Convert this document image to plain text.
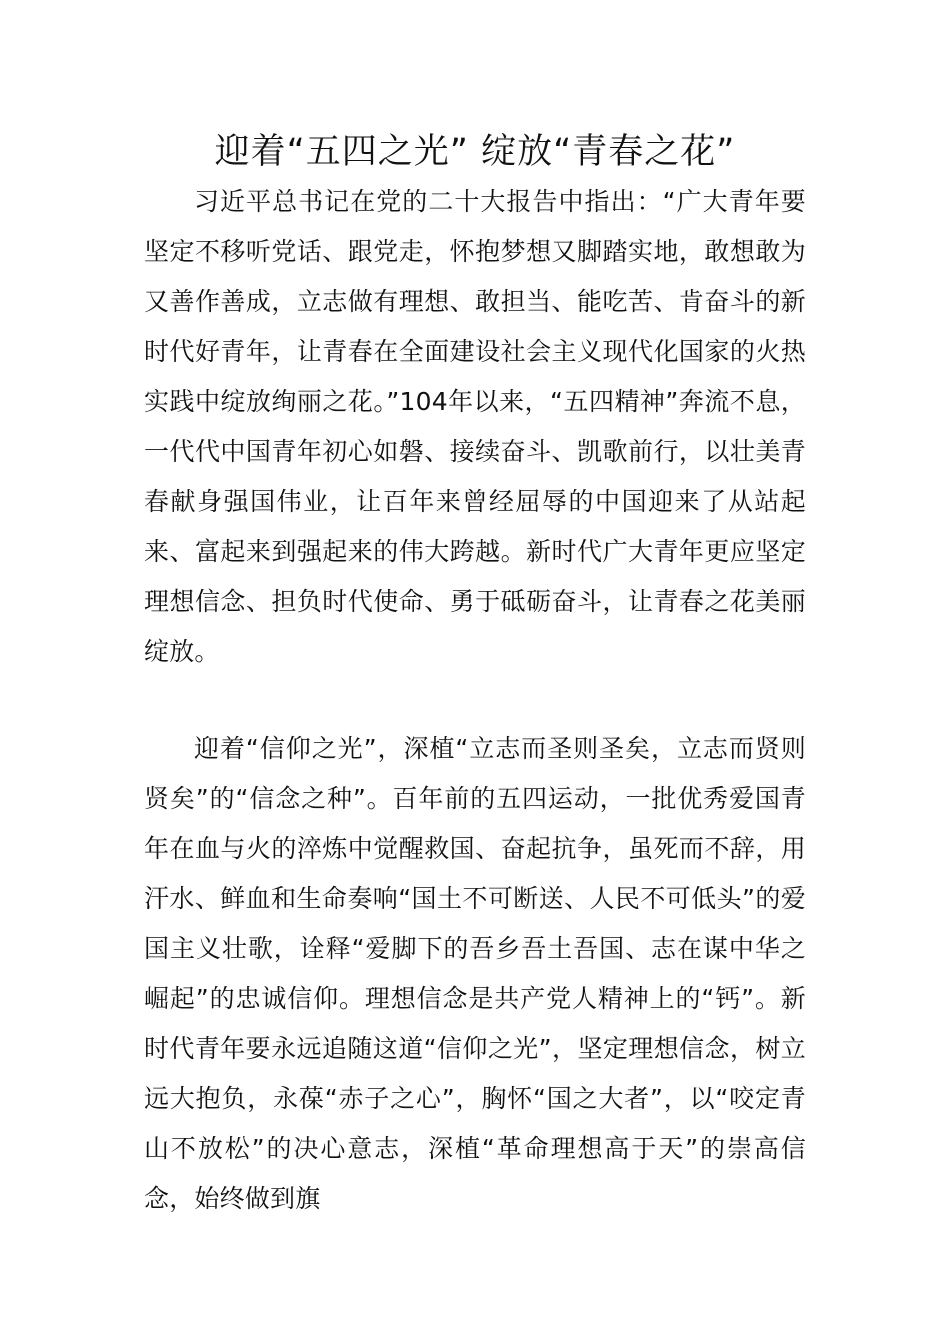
迎着“五四之光” 绽放“青春之花”

习近平总书记在党的二十大报告中指出：“广大青年要坚定不移听党话、跟党走，怀抱梦想又脚踏实地，敢想敢为又善作善成，立志做有理想、敢担当、能吃苦、肯奋斗的新时代好青年，让青春在全面建设社会主义现代化国家的火热实践中绽放绚丽之花。”104年以来，“五四精神”奔流不息，一代代中国青年初心如磐、接续奋斗、凯歌前行，以壮美青春献身强国伟业，让百年来曾经屈辱的中国迎来了从站起来、富起来到强起来的伟大跨越。新时代广大青年更应坚定理想信念、担负时代使命、勇于砥砺奋斗，让青春之花美丽绽放。

迎着“信仰之光”，深植“立志而圣则圣矣，立志而贤则贤矣”的“信念之种”。百年前的五四运动，一批优秀爱国青年在血与火的淬炼中觉醒救国、奋起抗争，虽死而不辞，用汗水、鲜血和生命奏响“国土不可断送、人民不可低头”的爱国主义壮歌，诠释“爱脚下的吾乡吾土吾国、志在谋中华之崛起”的忠诚信仰。理想信念是共产党人精神上的“钙”。新时代青年要永远追随这道“信仰之光”，坚定理想信念，树立远大抱负，永葆“赤子之心”，胸怀“国之大者”，以“咬定青山不放松”的决心意志，深植“革命理想高于天”的崇高信念，始终做到旗
